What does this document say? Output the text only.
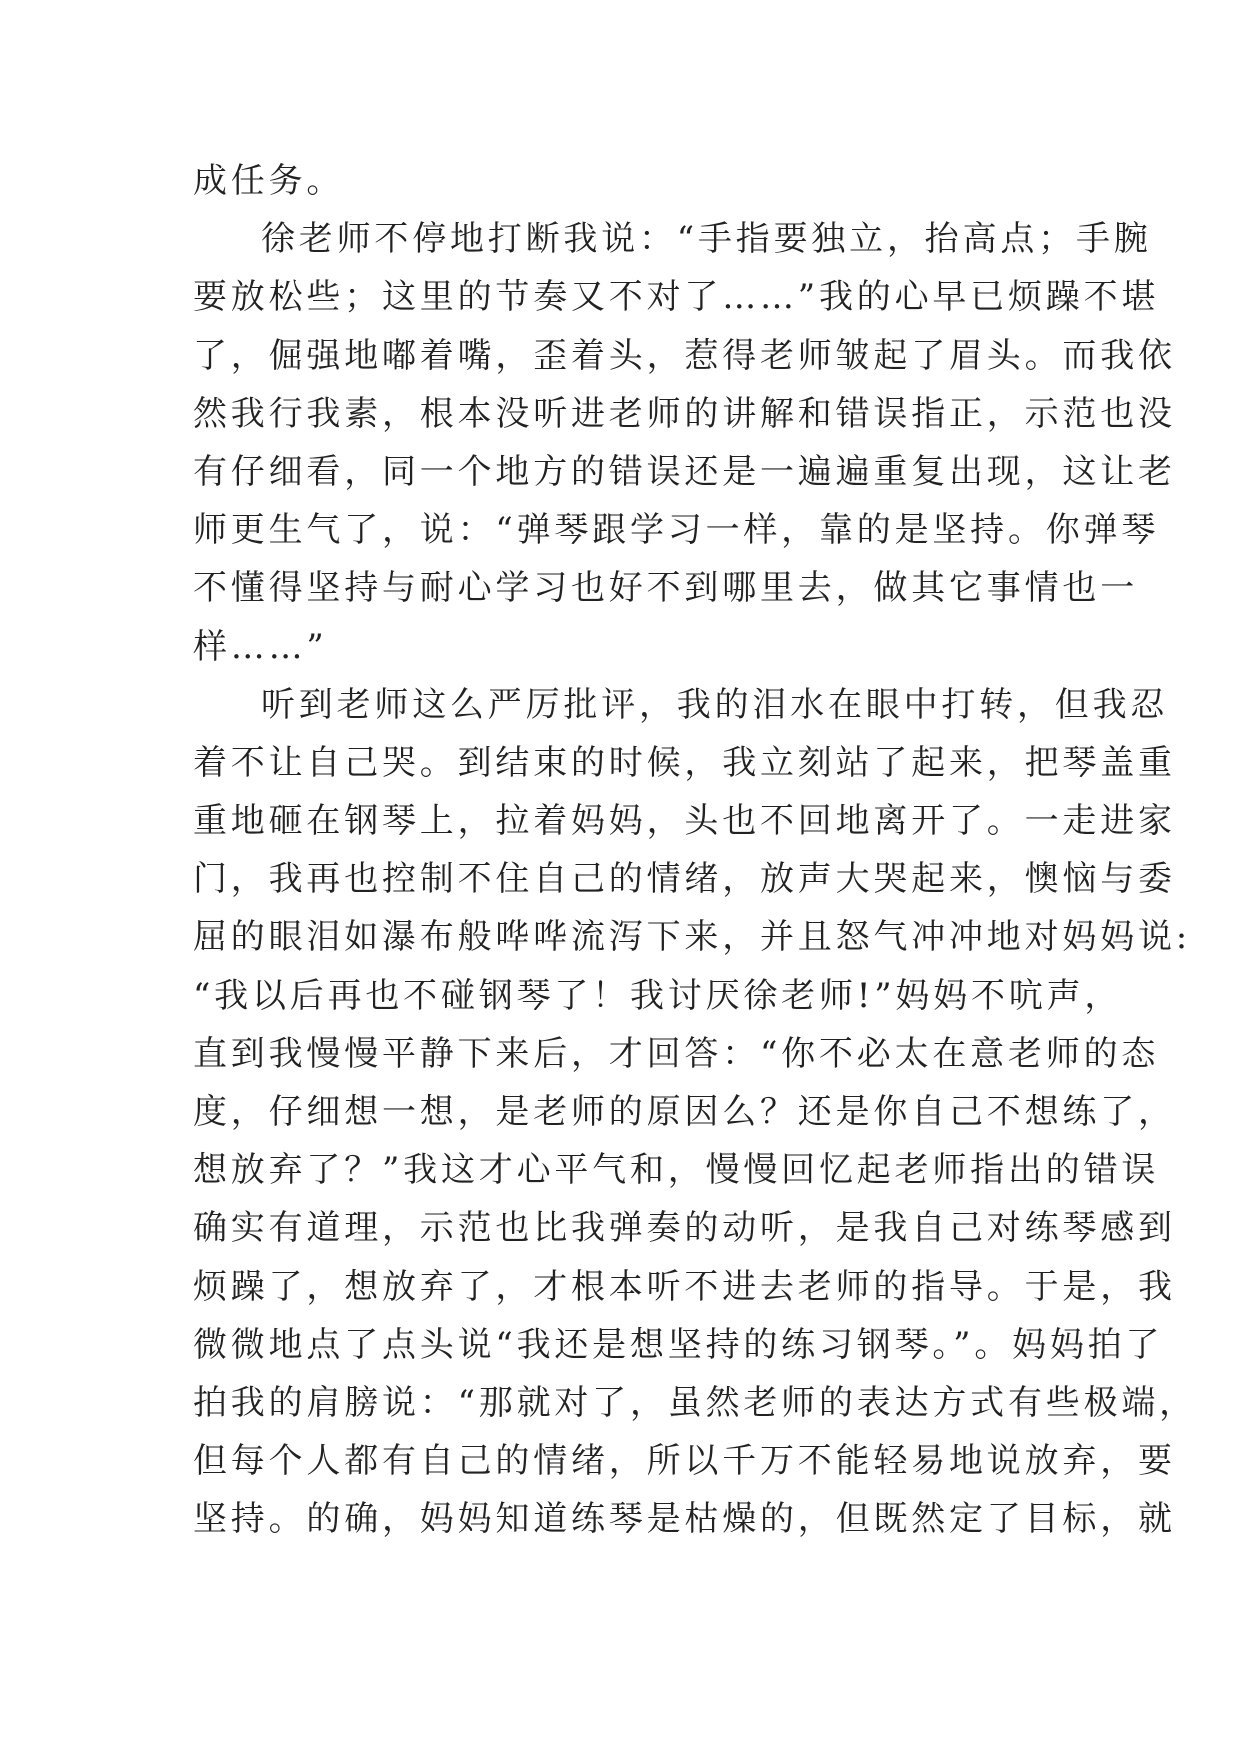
成任务。
徐老师不停地打断我说：“手指要独立，抬高点；手腕
要放松些；这里的节奏又不对了……”我的心早已烦躁不堪
了，倔强地嘟着嘴，歪着头，惹得老师皱起了眉头。而我依
然我行我素，根本没听进老师的讲解和错误指正，示范也没
有仔细看，同一个地方的错误还是一遍遍重复出现，这让老
师更生气了，说：“弹琴跟学习一样，靠的是坚持。你弹琴
不懂得坚持与耐心学习也好不到哪里去，做其它事情也一
样……”
听到老师这么严厉批评，我的泪水在眼中打转，但我忍
着不让自己哭。到结束的时候，我立刻站了起来，把琴盖重
重地砸在钢琴上，拉着妈妈，头也不回地离开了。一走进家
门，我再也控制不住自己的情绪，放声大哭起来，懊恼与委
屈的眼泪如瀑布般哗哗流泻下来，并且怒气冲冲地对妈妈说:
“我以后再也不碰钢琴了！我讨厌徐老师!”妈妈不吭声，
直到我慢慢平静下来后，才回答：“你不必太在意老师的态
度，仔细想一想，是老师的原因么？还是你自己不想练了，
想放弃了？”我这才心平气和，慢慢回忆起老师指出的错误
确实有道理，示范也比我弹奏的动听，是我自己对练琴感到
烦躁了，想放弃了，才根本听不进去老师的指导。于是，我
微微地点了点头说“我还是想坚持的练习钢琴。”。妈妈拍了
拍我的肩膀说：“那就对了，虽然老师的表达方式有些极端，
但每个人都有自己的情绪，所以千万不能轻易地说放弃，要
坚持。的确，妈妈知道练琴是枯燥的，但既然定了目标，就
